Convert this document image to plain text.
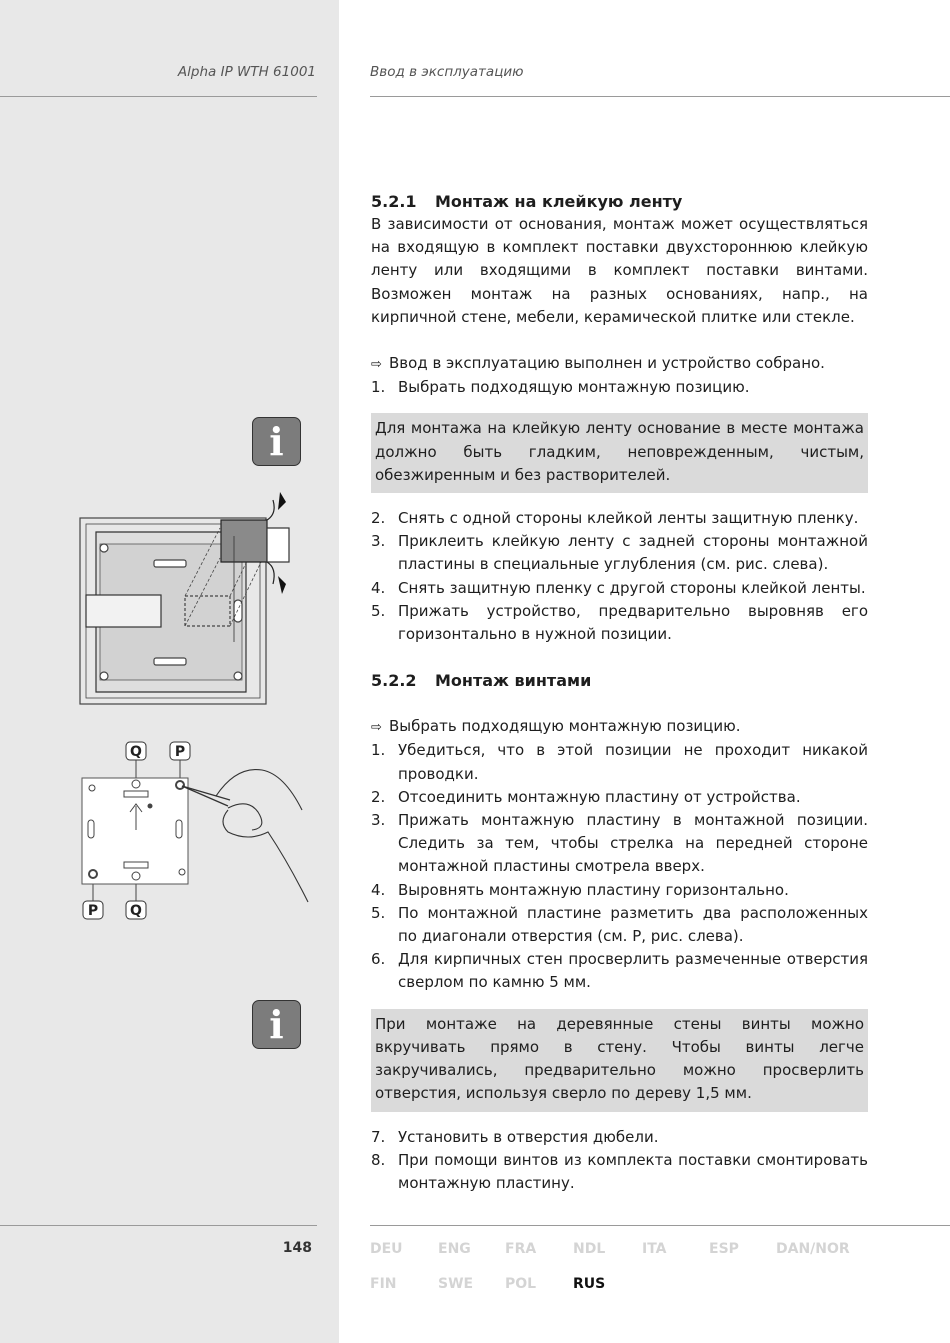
Alpha IP WTH 61001	Ввод в эксплуатацию
5.2.1	Монтаж на клейкую ленту

В зависимости от основания, монтаж может осуществляться на входящую в комплект поставки двухстороннюю клейкую ленту или входящими в комплект поставки винтами. Возможен монтаж на разных основаниях, напр., на кирпичной стене, мебели, керамической плитке или стекле.

⇨ Ввод в эксплуатацию выполнен и устройство собрано.

1. Выбрать подходящую монтажную позицию.
Для монтажа на клейкую ленту основание в месте монтажа должно быть гладким, неповрежденным, чистым, обезжиренным и без растворителей.
2. Снять с одной стороны клейкой ленты защитную пленку.
3. Приклеить клейкую ленту с задней стороны монтажной пластины в специальные углубления (см. рис. слева).
4. Снять защитную пленку с другой стороны клейкой ленты.
5. Прижать устройство, предварительно выровняв его горизонтально в нужной позиции.
5.2.2	Монтаж винтами

⇨ Выбрать подходящую монтажную позицию.

1. Убедиться, что в этой позиции не проходит никакой проводки.
2. Отсоединить монтажную пластину от устройства.
3. Прижать монтажную пластину в монтажной позиции. Следить за тем, чтобы стрелка на передней стороне монтажной пластины смотрела вверх.
4. Выровнять монтажную пластину горизонтально.
5. По монтажной пластине разметить два расположенных по диагонали отверстия (см. P, рис. слева).
6. Для кирпичных стен просверлить размеченные отверстия сверлом по камню 5 мм.
При монтаже на деревянные стены винты можно вкручивать прямо в стену. Чтобы винты легче закручивались, предварительно можно просверлить отверстия, используя сверло по дереву 1,5 мм.
7. Установить в отверстия дюбели.
8. При помощи винтов из комплекта поставки смонтировать монтажную пластину.
i
i
Q P
P Q
148	DEU	ENG FRA	NDL	ITA	ESP	DAN/NOR
FIN	SWE POL	RUS
